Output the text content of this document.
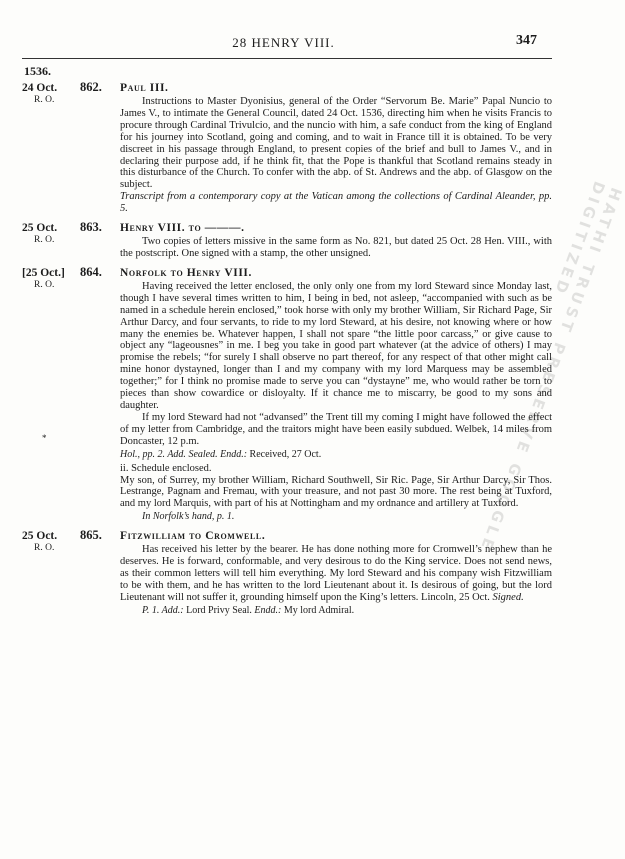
28 HENRY VIII.	347
1536.
24 Oct.	862.	Paul III.
R. O.	Instructions to Master Dyonisius, general of the Order “Servorum Be. Marie” Papal Nuncio to James V., to intimate the General Council, dated 24 Oct. 1536, directing him when he visits Francis to procure through Cardinal Trivulcio, and the nuncio with him, a safe conduct from the king of England for his journey into Scotland, going and coming, and to wait in France till it is obtained. To be very discreet in his passage through England, to present copies of the brief and bull to James V., and in declaring their purpose add, if he think fit, that the Pope is thankful that Scotland remains steady in this disturbance of the Church. To confer with the abp. of St. Andrews and the abp. of Glasgow on the subject.

Transcript from a contemporary copy at the Vatican among the collections of Cardinal Aleander, pp. 5.

25 Oct.	863.	Henry VIII. to ———.
R. O.	Two copies of letters missive in the same form as No. 821, but dated 25 Oct. 28 Hen. VIII., with the postscript. One signed with a stamp, the other unsigned.

[25 Oct.]	864.	Norfolk to Henry VIII.
R. O.
*

Having received the letter enclosed, the only only one from my lord Steward since Monday last, though I have several times written to him, I being in bed, not asleep, “accompanied with such as be named in a schedule herein enclosed,” took horse with only my brother William, Sir Richard Page, Sir Arthur Darcy, and four servants, to ride to my lord Steward, at his desire, not knowing where or how many the enemies be. Whatever happen, I shall not spare “the little poor carcass,” or give cause to object any “lageousnes” in me. I beg you take in good part whatever (at the advice of others) I may promise the rebels; “for surely I shall observe no part thereof, for any respect of that other might call mine honor dystayned, longer than I and my company with my lord Marquess may be assembled together;” for I think no promise made to serve you can “dystayne” me, who would rather be torn to pieces than show cowardice or disloyalty. If it chance me to miscarry, be good to my sons and daughter.

If my lord Steward had not “advansed” the Trent till my coming I might have followed the effect of my letter from Cambridge, and the traitors might have been easily subdued. Welbek, 14 miles from Doncaster, 12 p.m.

Hol., pp. 2. Add. Sealed. Endd.: Received, 27 Oct.

ii. Schedule enclosed.

My son, of Surrey, my brother William, Richard Southwell, Sir Ric. Page, Sir Arthur Darcy, Sir Thos. Lestrange, Pagnam and Fremau, with your treasure, and not past 30 more. The rest being at Tuxford, and my lord Marquis, with part of his at Nottingham and my ordnance and artillery at Tuxford.

In Norfolk’s hand, p. 1.

25 Oct.	865.	Fitzwilliam to Cromwell.
R. O.	Has received his letter by the bearer. He has done nothing more for Cromwell’s nephew than he deserves. He is forward, conformable, and very desirous to do the King service. Does not send news, as their common letters will tell him everything. My lord Steward and his company wish Fitzwilliam to be with them, and he has written to the lord Lieutenant about it. Is desirous of going, but the lord Lieutenant will not suffer it, grounding himself upon the King’s letters. Lincoln, 25 Oct. Signed.

P. 1. Add.: Lord Privy Seal. Endd.: My lord Admiral.

HATHI TRUST PRESERVE GOOGLE DIGITIZED
